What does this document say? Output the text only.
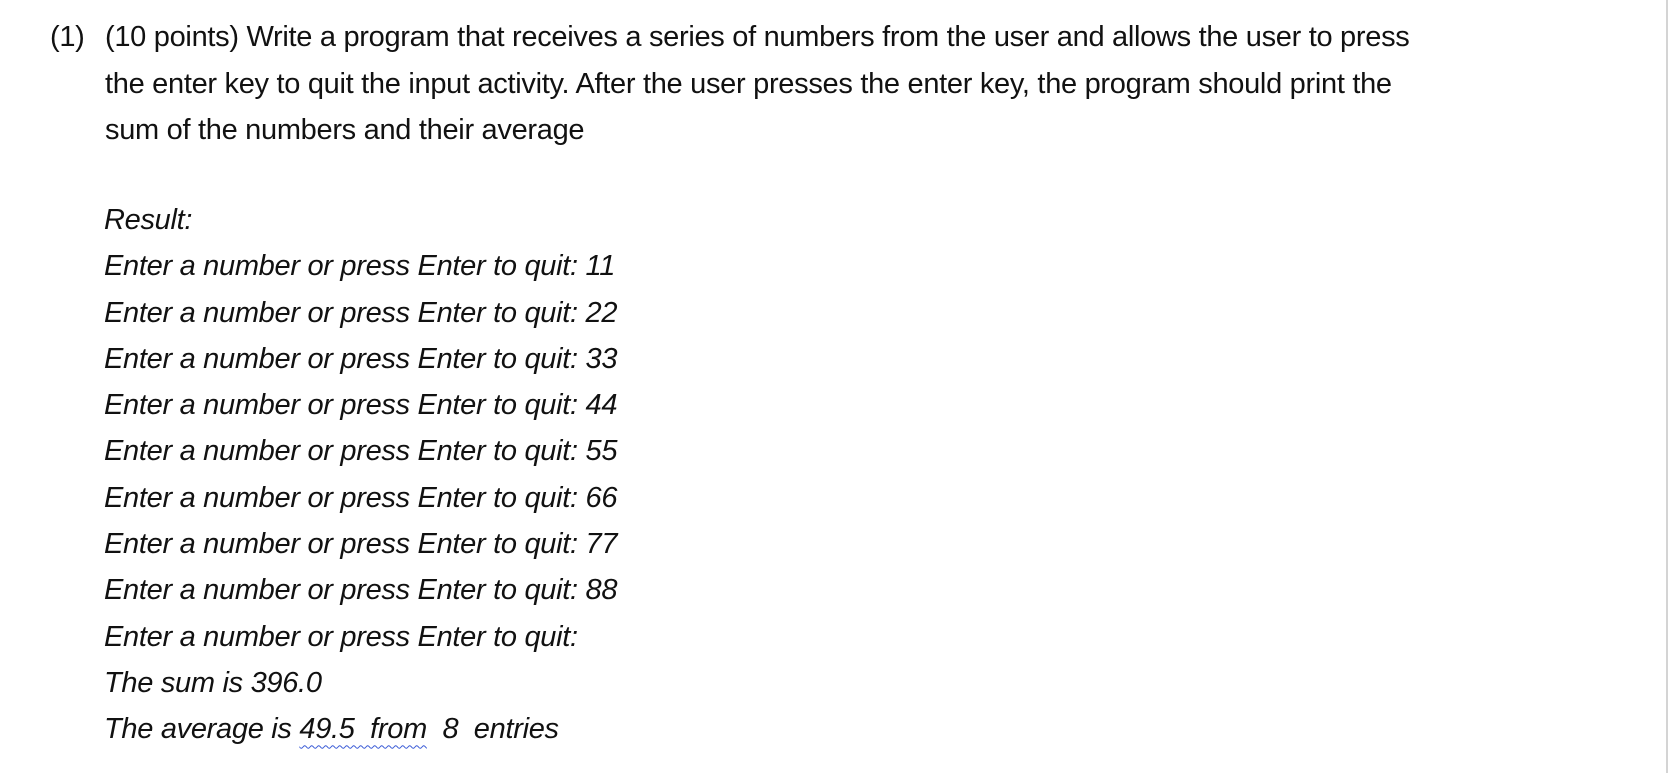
(1) (10 points) Write a program that receives a series of numbers from the user and allows the user to press the enter key to quit the input activity. After the user presses the enter key, the program should print the sum of the numbers and their average
Result:
Enter a number or press Enter to quit: 11
Enter a number or press Enter to quit: 22
Enter a number or press Enter to quit: 33
Enter a number or press Enter to quit: 44
Enter a number or press Enter to quit: 55
Enter a number or press Enter to quit: 66
Enter a number or press Enter to quit: 77
Enter a number or press Enter to quit: 88
Enter a number or press Enter to quit:
The sum is 396.0
The average is 49.5  from  8  entries
